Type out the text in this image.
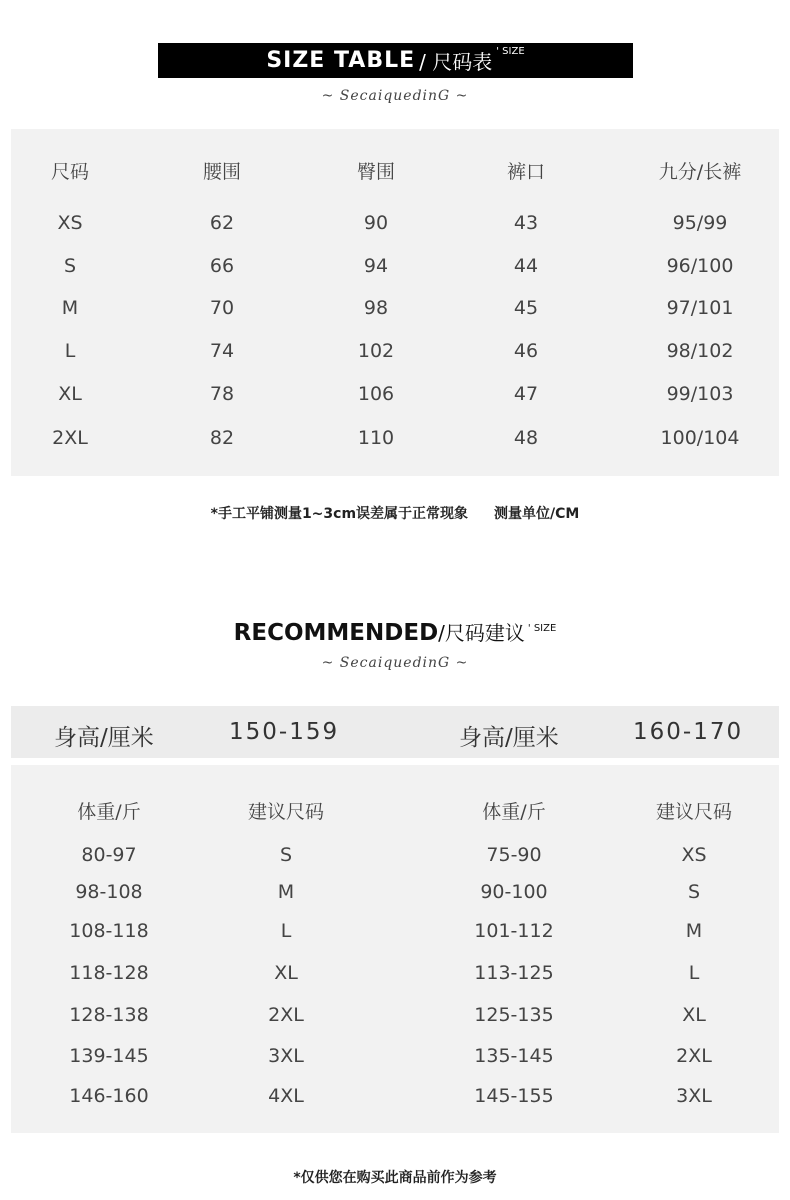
SIZE TABLE / 尺码表 ' SIZE
~ SecaiquedinG ~
尺码	腰围	臀围	裤口	九分/长裤
XS	62	90	43	95/99
S	66	94	44	96/100
M	70	98	45	97/101
L	74	102	46	98/102
XL	78	106	47	99/103
2XL	82	110	48	100/104
*手工平铺测量1~3cm误差属于正常现象 测量单位/CM
RECOMMENDED/尺码建议 $^{' SIZE}$
~ SecaiquedinG ~
身高/厘米	150-159	身高/厘米	160-170
体重/斤	建议尺码	体重/斤	建议尺码
80-97	S	75-90	XS
98-108	M	90-100	S
108-118	L	101-112	M
118-128	XL	113-125	L
128-138	2XL	125-135	XL
139-145	3XL	135-145	2XL
146-160	4XL	145-155	3XL
*仅供您在购买此商品前作为参考
